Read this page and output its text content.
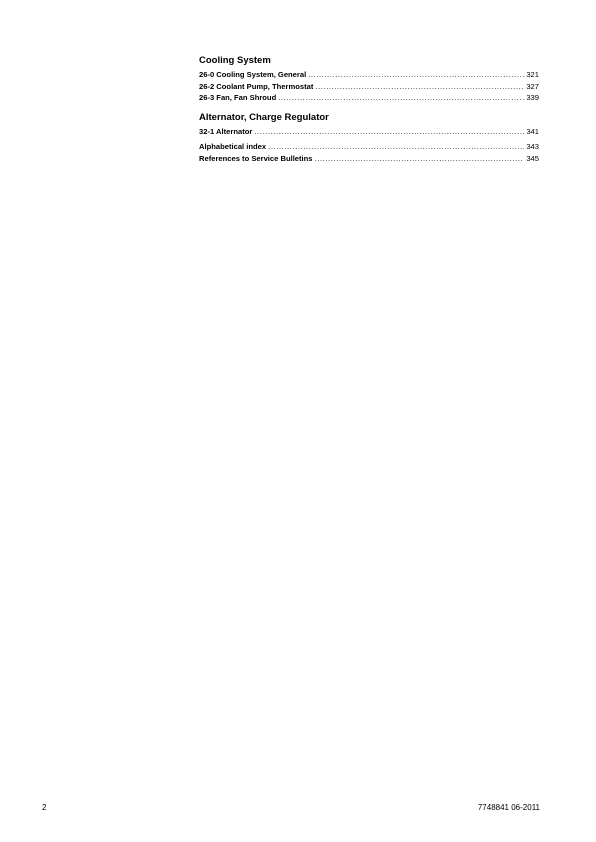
Cooling System
26-0 Cooling System, General .....	321
26-2 Coolant Pump, Thermostat .....	327
26-3 Fan, Fan Shroud .....	339
Alternator, Charge Regulator
32-1 Alternator .....	341
Alphabetical index .....	343
References to Service Bulletins .....	345
2	7748841 06-2011
